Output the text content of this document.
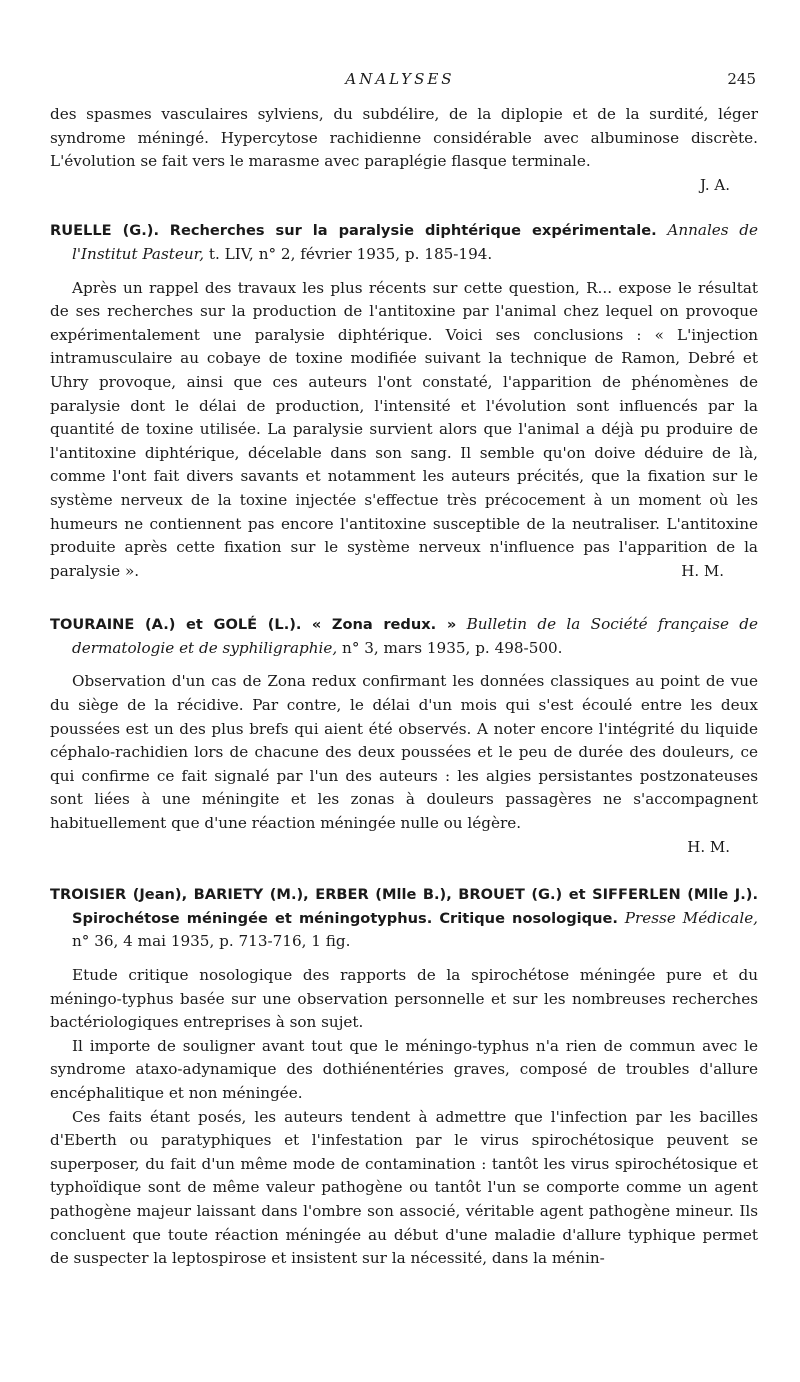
ANALYSES	245

des spasmes vasculaires sylviens, du subdélire, de la diplopie et de la surdité, léger syndrome méningé. Hypercytose rachidienne considérable avec albuminose discrète. L'évolution se fait vers le marasme avec paraplégie flasque terminale.

J. A.
RUELLE (G.). Recherches sur la paralysie diphtérique expérimentale. Annales de l'Institut Pasteur, t. LIV, n° 2, février 1935, p. 185-194.

Après un rappel des travaux les plus récents sur cette question, R... expose le résultat de ses recherches sur la production de l'antitoxine par l'animal chez lequel on provoque expérimentalement une paralysie diphtérique. Voici ses conclusions : « L'injection intramusculaire au cobaye de toxine modifiée suivant la technique de Ramon, Debré et Uhry provoque, ainsi que ces auteurs l'ont constaté, l'apparition de phénomènes de paralysie dont le délai de production, l'intensité et l'évolution sont influencés par la quantité de toxine utilisée. La paralysie survient alors que l'animal a déjà pu produire de l'antitoxine diphtérique, décelable dans son sang. Il semble qu'on doive déduire de là, comme l'ont fait divers savants et notamment les auteurs précités, que la fixation sur le système nerveux de la toxine injectée s'effectue très précocement à un moment où les humeurs ne contiennent pas encore l'antitoxine susceptible de la neutraliser. L'antitoxine produite après cette fixation sur le système nerveux n'influence pas l'apparition de la paralysie ».	H. M.

TOURAINE (A.) et GOLÉ (L.). « Zona redux. » Bulletin de la Société française de dermatologie et de syphiligraphie, n° 3, mars 1935, p. 498-500.

Observation d'un cas de Zona redux confirmant les données classiques au point de vue du siège de la récidive. Par contre, le délai d'un mois qui s'est écoulé entre les deux poussées est un des plus brefs qui aient été observés. A noter encore l'intégrité du liquide céphalo-rachidien lors de chacune des deux poussées et le peu de durée des douleurs, ce qui confirme ce fait signalé par l'un des auteurs : les algies persistantes postzonateuses sont liées à une méningite et les zonas à douleurs passagères ne s'accompagnent habituellement que d'une réaction méningée nulle ou légère.

H. M.
TROISIER (Jean), BARIETY (M.), ERBER (Mlle B.), BROUET (G.) et SIFFERLEN (Mlle J.). Spirochétose méningée et méningotyphus. Critique nosologique. Presse Médicale, n° 36, 4 mai 1935, p. 713-716, 1 fig.

Etude critique nosologique des rapports de la spirochétose méningée pure et du méningo-typhus basée sur une observation personnelle et sur les nombreuses recherches bactériologiques entreprises à son sujet.

Il importe de souligner avant tout que le méningo-typhus n'a rien de commun avec le syndrome ataxo-adynamique des dothiénentéries graves, composé de troubles d'allure encéphalitique et non méningée.

Ces faits étant posés, les auteurs tendent à admettre que l'infection par les bacilles d'Eberth ou paratyphiques et l'infestation par le virus spirochétosique peuvent se superposer, du fait d'un même mode de contamination : tantôt les virus spirochétosique et typhoïdique sont de même valeur pathogène ou tantôt l'un se comporte comme un agent pathogène majeur laissant dans l'ombre son associé, véritable agent pathogène mineur. Ils concluent que toute réaction méningée au début d'une maladie d'allure typhique permet de suspecter la leptospirose et insistent sur la nécessité, dans la ménin-
